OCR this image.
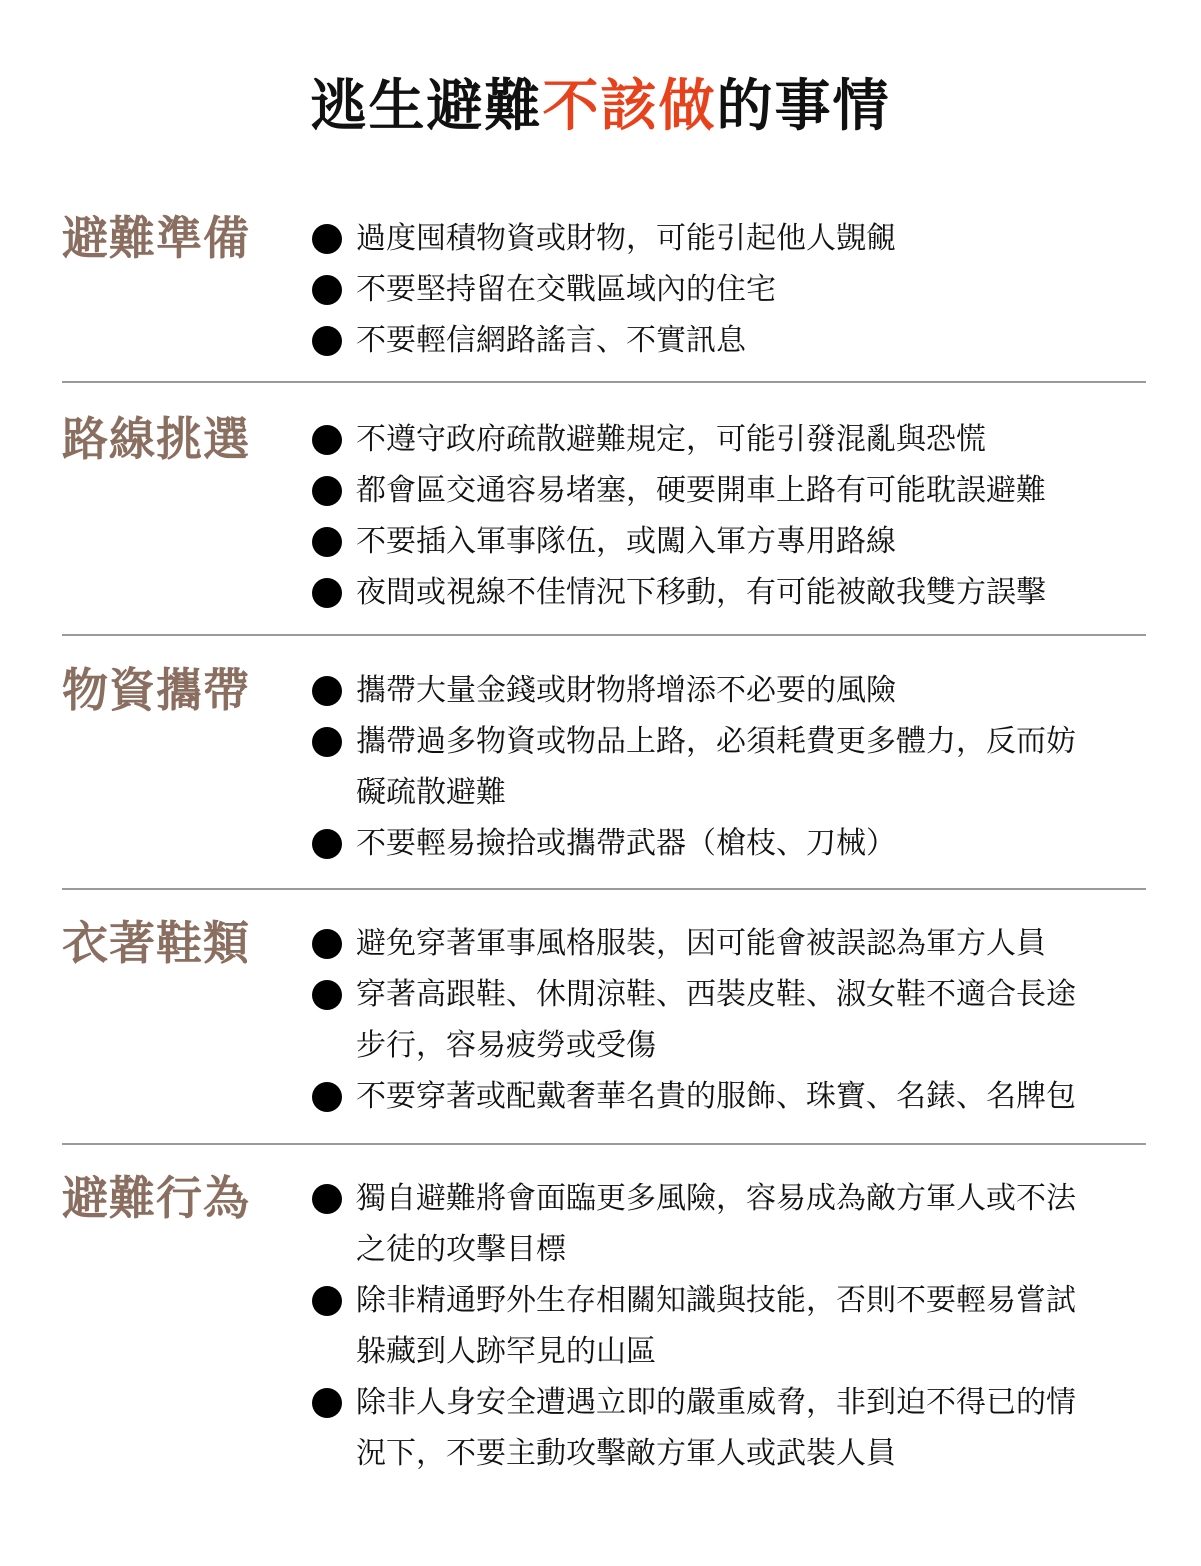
逃生避難不該做的事情
避難準備	過度囤積物資或財物，可能引起他人覬覦
不要堅持留在交戰區域內的住宅
不要輕信網路謠言、不實訊息
路線挑選	不遵守政府疏散避難規定，可能引發混亂與恐慌
都會區交通容易堵塞，硬要開車上路有可能耽誤避難
不要插入軍事隊伍，或闖入軍方專用路線
夜間或視線不佳情況下移動，有可能被敵我雙方誤擊
物資攜帶	攜帶大量金錢或財物將增添不必要的風險
攜帶過多物資或物品上路，必須耗費更多體力，反而妨
礙疏散避難
不要輕易撿拾或攜帶武器（槍枝、刀械）
衣著鞋類	避免穿著軍事風格服裝，因可能會被誤認為軍方人員
穿著高跟鞋、休閒涼鞋、西裝皮鞋、淑女鞋不適合長途
步行，容易疲勞或受傷
不要穿著或配戴奢華名貴的服飾、珠寶、名錶、名牌包
避難行為	獨自避難將會面臨更多風險，容易成為敵方軍人或不法
之徒的攻擊目標
除非精通野外生存相關知識與技能，否則不要輕易嘗試
躲藏到人跡罕見的山區
除非人身安全遭遇立即的嚴重威脅，非到迫不得已的情
況下，不要主動攻擊敵方軍人或武裝人員
